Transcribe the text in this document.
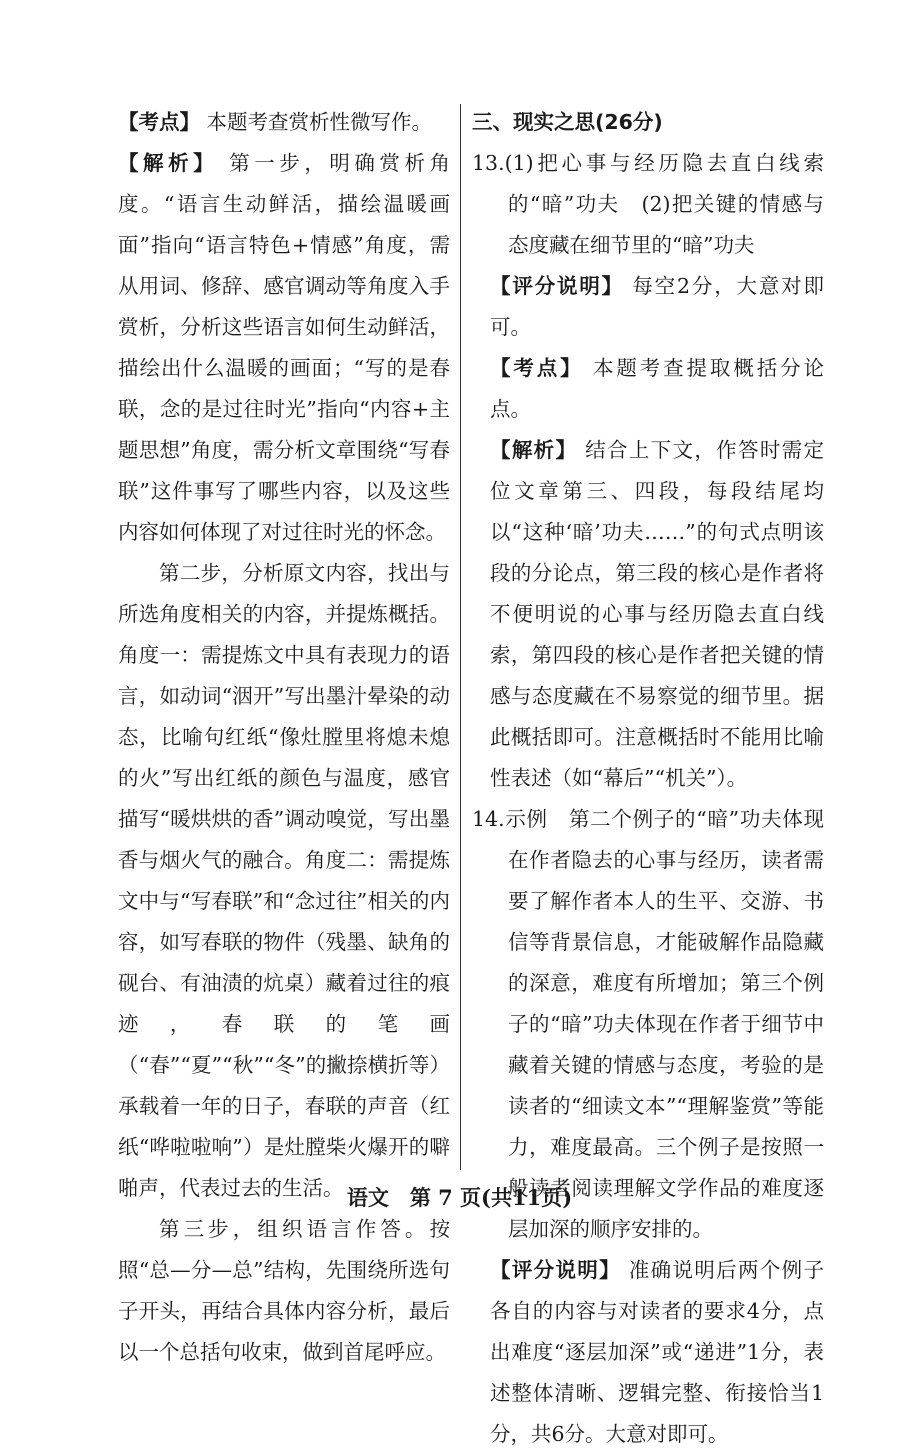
【考点】 本题考查赏析性微写作。

【解析】 第一步，明确赏析角度。“语言生动鲜活，描绘温暖画面”指向“语言特色+情感”角度，需从用词、修辞、感官调动等角度入手赏析，分析这些语言如何生动鲜活，描绘出什么温暖的画面；“写的是春联，念的是过往时光”指向“内容+主题思想”角度，需分析文章围绕“写春联”这件事写了哪些内容，以及这些内容如何体现了对过往时光的怀念。

第二步，分析原文内容，找出与所选角度相关的内容，并提炼概括。角度一：需提炼文中具有表现力的语言，如动词“洇开”写出墨汁晕染的动态，比喻句红纸“像灶膛里将熄未熄的火”写出红纸的颜色与温度，感官描写“暖烘烘的香”调动嗅觉，写出墨香与烟火气的融合。角度二：需提炼文中与“写春联”和“念过往”相关的内容，如写春联的物件（残墨、缺角的砚台、有油渍的炕桌）藏着过往的痕迹，春联的笔画（“春”“夏”“秋”“冬”的撇捺横折等）承载着一年的日子，春联的声音（红纸“哗啦啦响”）是灶膛柴火爆开的噼啪声，代表过去的生活。

第三步，组织语言作答。按照“总—分—总”结构，先围绕所选句子开头，再结合具体内容分析，最后以一个总括句收束，做到首尾呼应。

三、现实之思(26分)

13.(1)把心事与经历隐去直白线索的“暗”功夫　(2)把关键的情感与态度藏在细节里的“暗”功夫

【评分说明】 每空2分，大意对即可。

【考点】 本题考查提取概括分论点。

【解析】 结合上下文，作答时需定位文章第三、四段，每段结尾均以“这种‘暗’功夫……”的句式点明该段的分论点，第三段的核心是作者将不便明说的心事与经历隐去直白线索，第四段的核心是作者把关键的情感与态度藏在不易察觉的细节里。据此概括即可。注意概括时不能用比喻性表述（如“幕后”“机关”）。

14.示例　第二个例子的“暗”功夫体现在作者隐去的心事与经历，读者需要了解作者本人的生平、交游、书信等背景信息，才能破解作品隐藏的深意，难度有所增加；第三个例子的“暗”功夫体现在作者于细节中藏着关键的情感与态度，考验的是读者的“细读文本”“理解鉴赏”等能力，难度最高。三个例子是按照一般读者阅读理解文学作品的难度逐层加深的顺序安排的。

【评分说明】 准确说明后两个例子各自的内容与对读者的要求4分，点出难度“逐层加深”或“递进”1分，表述整体清晰、逻辑完整、衔接恰当1分，共6分。大意对即可。

语文　第 7 页(共11页)
